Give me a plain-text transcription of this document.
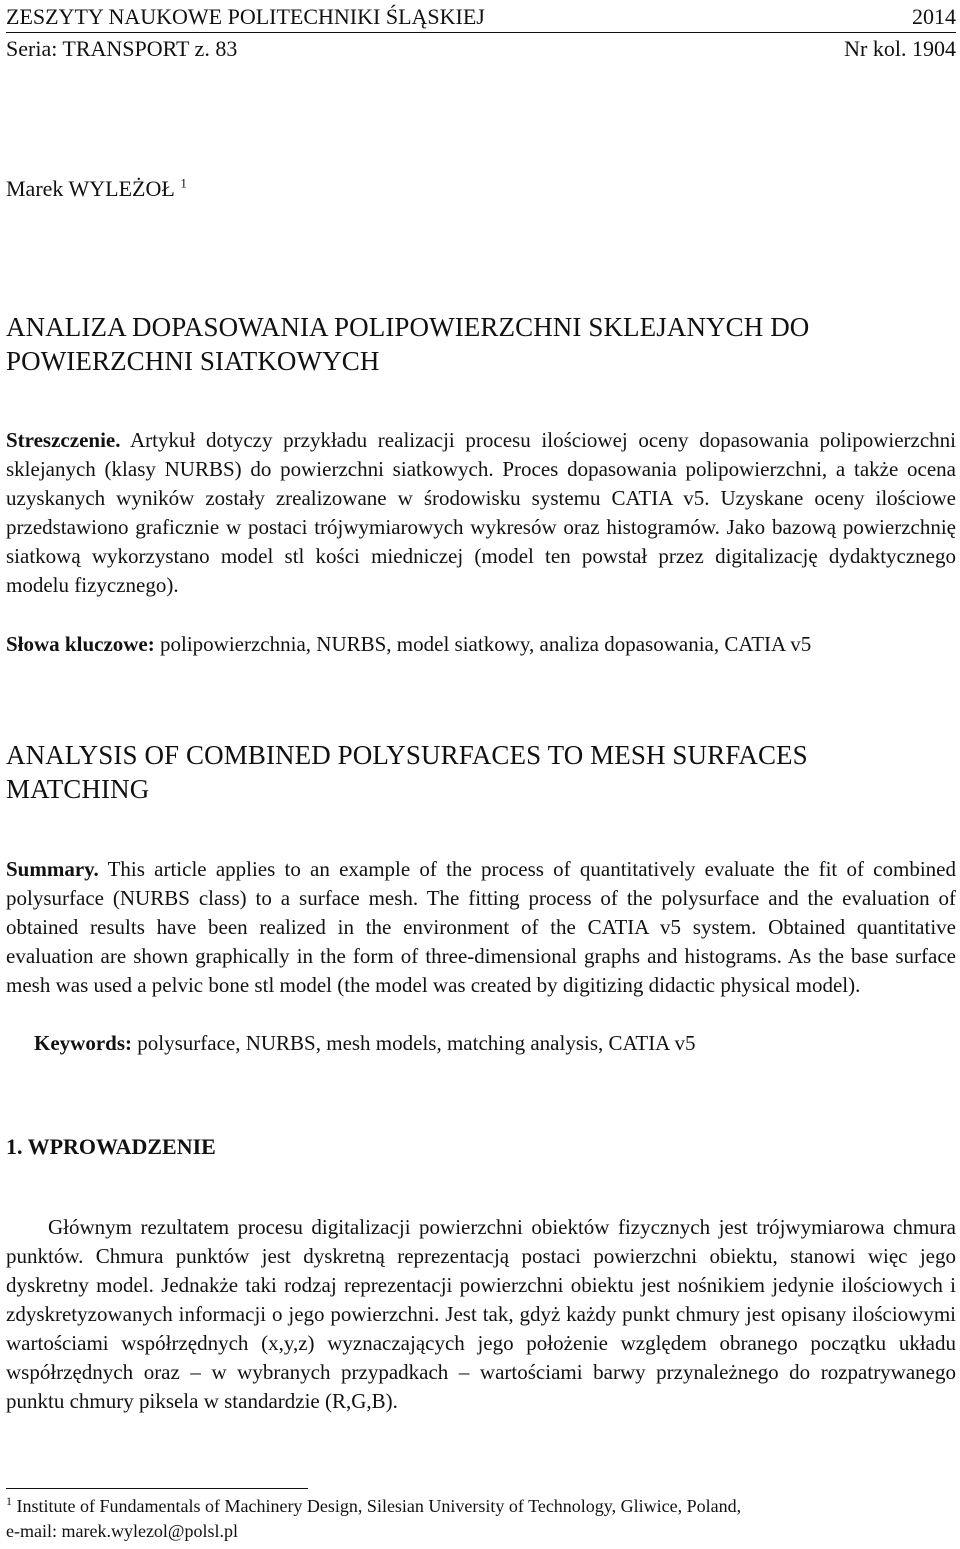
ZESZYTY NAUKOWE POLITECHNIKI ŚLĄSKIEJ	2014
Seria: TRANSPORT z. 83	Nr kol. 1904
Marek WYLEŻOŁ $^1$
ANALIZA DOPASOWANIA POLIPOWIERZCHNI SKLEJANYCH DO
POWIERZCHNI SIATKOWYCH
Streszczenie. Artykuł dotyczy przykładu realizacji procesu ilościowej oceny dopasowania polipowierzchni sklejanych (klasy NURBS) do powierzchni siatkowych. Proces dopasowania polipowierzchni, a także ocena uzyskanych wyników zostały zrealizowane w środowisku systemu CATIA v5. Uzyskane oceny ilościowe przedstawiono graficznie w postaci trójwymiarowych wykresów oraz histogramów. Jako bazową powierzchnię siatkową wykorzystano model stl kości miedniczej (model ten powstał przez digitalizację dydaktycznego modelu fizycznego).
Słowa kluczowe: polipowierzchnia, NURBS, model siatkowy, analiza dopasowania, CATIA v5
ANALYSIS OF COMBINED POLYSURFACES TO MESH SURFACES
MATCHING
Summary. This article applies to an example of the process of quantitatively evaluate the fit of combined polysurface (NURBS class) to a surface mesh. The fitting process of the polysurface and the evaluation of obtained results have been realized in the environment of the CATIA v5 system. Obtained quantitative evaluation are shown graphically in the form of three-dimensional graphs and histograms. As the base surface mesh was used a pelvic bone stl model (the model was created by digitizing didactic physical model).
Keywords: polysurface, NURBS, mesh models, matching analysis, CATIA v5
1. WPROWADZENIE
Głównym rezultatem procesu digitalizacji powierzchni obiektów fizycznych jest trójwymiarowa chmura punktów. Chmura punktów jest dyskretną reprezentacją postaci powierzchni obiektu, stanowi więc jego dyskretny model. Jednakże taki rodzaj reprezentacji powierzchni obiektu jest nośnikiem jedynie ilościowych i zdyskretyzowanych informacji o jego powierzchni. Jest tak, gdyż każdy punkt chmury jest opisany ilościowymi wartościami współrzędnych (x,y,z) wyznaczających jego położenie względem obranego początku układu współrzędnych oraz – w wybranych przypadkach – wartościami barwy przynależnego do rozpatrywanego punktu chmury piksela w standardzie (R,G,B).
$^1$ Institute of Fundamentals of Machinery Design, Silesian University of Technology, Gliwice, Poland,
e-mail: marek.wylezol@polsl.pl
